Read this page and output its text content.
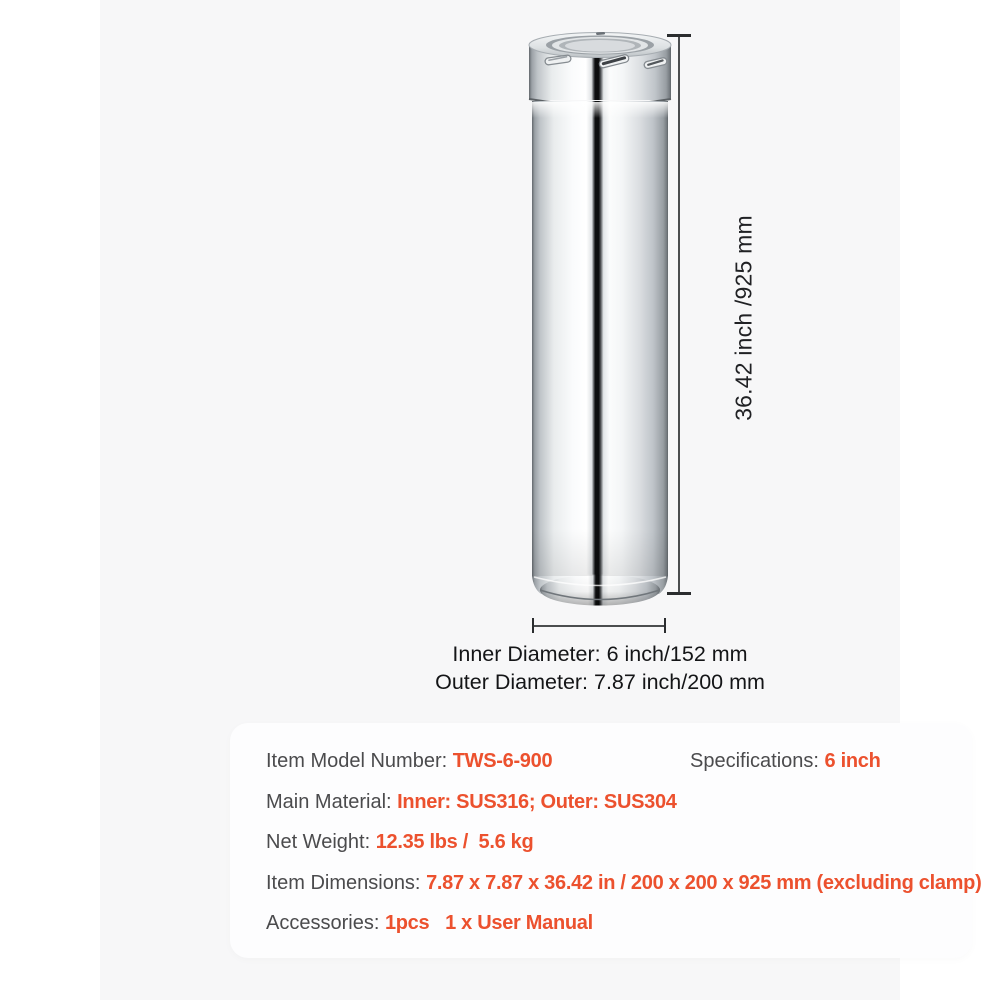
36.42 inch /925 mm
Inner Diameter: 6 inch/152 mm
Outer Diameter: 7.87 inch/200 mm
Item Model Number: TWS-6-900	Specifications: 6 inch
Main Material: Inner: SUS316; Outer: SUS304
Net Weight: 12.35 lbs /  5.6 kg
Item Dimensions: 7.87 x 7.87 x 36.42 in / 200 x 200 x 925 mm (excluding clamp)
Accessories: 1pcs   1 x User Manual
